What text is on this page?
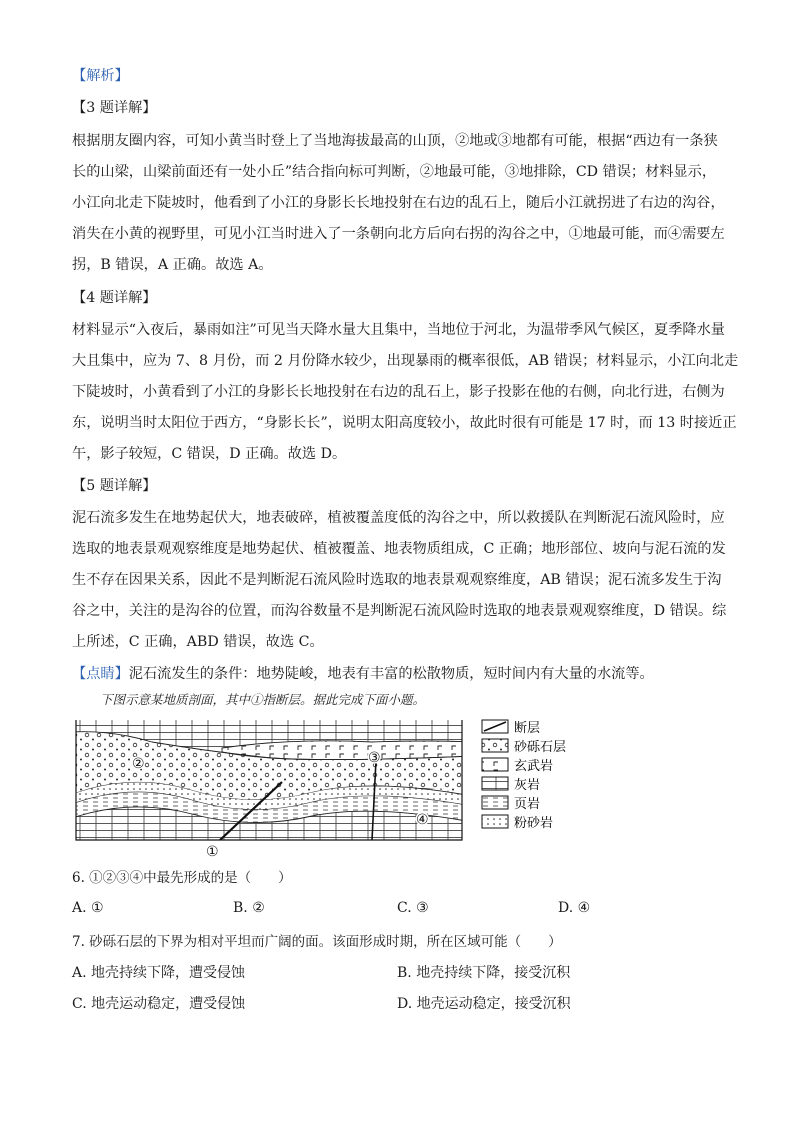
【解析】
【3 题详解】
根据朋友圈内容，可知小黄当时登上了当地海拔最高的山顶，②地或③地都有可能，根据“西边有一条狭
长的山梁，山梁前面还有一处小丘”结合指向标可判断，②地最可能，③地排除，CD 错误；材料显示，
小江向北走下陡坡时，他看到了小江的身影长长地投射在右边的乱石上，随后小江就拐进了右边的沟谷，
消失在小黄的视野里，可见小江当时进入了一条朝向北方后向右拐的沟谷之中，①地最可能，而④需要左
拐，B 错误，A 正确。故选 A。
【4 题详解】
材料显示“入夜后，暴雨如注”可见当天降水量大且集中，当地位于河北，为温带季风气候区，夏季降水量
大且集中，应为 7、8 月份，而 2 月份降水较少，出现暴雨的概率很低，AB 错误；材料显示，小江向北走
下陡坡时，小黄看到了小江的身影长长地投射在右边的乱石上，影子投影在他的右侧，向北行进，右侧为
东，说明当时太阳位于西方，“身影长长”，说明太阳高度较小，故此时很有可能是 17 时，而 13 时接近正
午，影子较短，C 错误，D 正确。故选 D。
【5 题详解】
泥石流多发生在地势起伏大，地表破碎，植被覆盖度低的沟谷之中，所以救援队在判断泥石流风险时，应
选取的地表景观观察维度是地势起伏、植被覆盖、地表物质组成，C 正确；地形部位、坡向与泥石流的发
生不存在因果关系，因此不是判断泥石流风险时选取的地表景观观察维度，AB 错误；泥石流多发生于沟
谷之中，关注的是沟谷的位置，而沟谷数量不是判断泥石流风险时选取的地表景观观察维度，D 错误。综
上所述，C 正确，ABD 错误，故选 C。
【点睛】泥石流发生的条件：地势陡峻，地表有丰富的松散物质，短时间内有大量的水流等。
下图示意某地质剖面，其中①指断层。据此完成下面小题。
②	③
④
①
断层
砂砾石层
玄武岩
灰岩
页岩
粉砂岩
6. ①②③④中最先形成的是（　　）
A. ①	B. ②	C. ③	D. ④
7. 砂砾石层的下界为相对平坦而广阔的面。该面形成时期，所在区域可能（　　）
A. 地壳持续下降，遭受侵蚀	B. 地壳持续下降，接受沉积
C. 地壳运动稳定，遭受侵蚀	D. 地壳运动稳定，接受沉积
